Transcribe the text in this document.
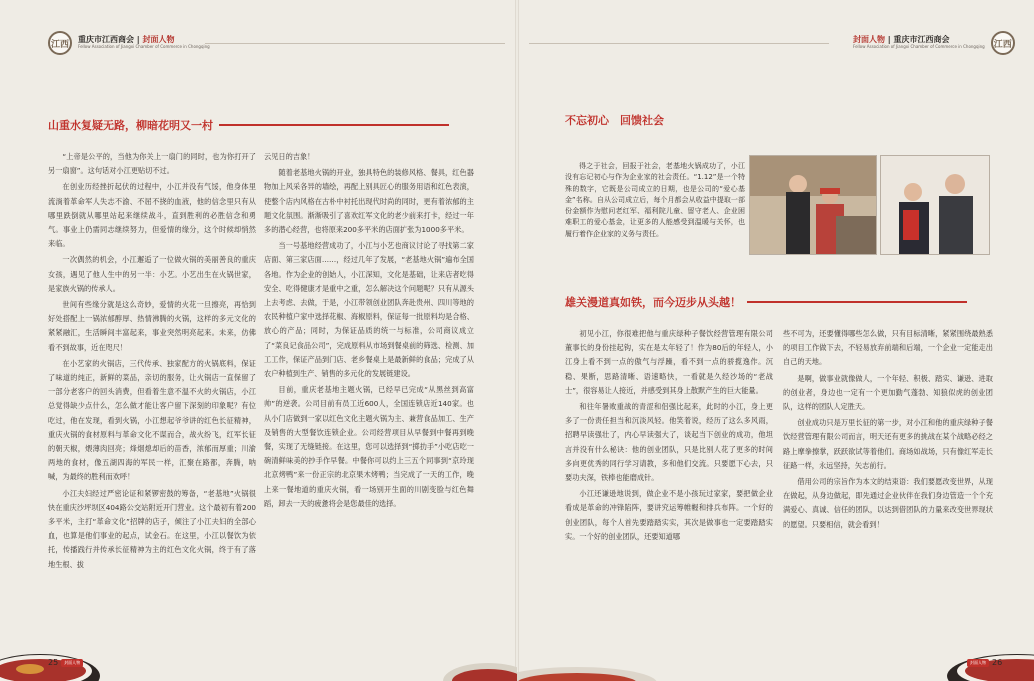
江西	重庆市江西商会 | 封面人物
Fellow Association of Jiangxi Chamber of Commerce in Chongqing
山重水复疑无路，柳暗花明又一村

“上帝是公平的，当他为你关上一扇门的同时，也为你打开了另一扇窗”。这句话对小江更贴切不过。

在创业历经挫折起伏的过程中，小江并没有气馁，他身体里流淌着革命军人失志不渝、不屈不挠的血液，他的信念里只有从哪里跌倒就从哪里站起来继续战斗，直到胜利的必胜信念和勇气。事业上仍需同志继续努力，但爱情的缘分，这个时候却悄然来临。

一次偶然的机会，小江邂逅了一位做火锅的美丽善良的重庆女孩，遇见了他人生中的另一半：小艺。小艺出生在火锅世家，是家族火锅的传承人。

世间有些缘分就是这么奇妙，爱情的火花一旦擦亮，再恰到好处搭配上一锅浓郁醇厚、热情沸腾的火锅，这样的多元文化的紧紧融汇，生活瞬间丰富起来，事业突然明亮起来。未来，仿佛看不到故事，近在咫尺！

在小艺家的火锅店，三代传承、独家配方的火锅底料，保证了味道的纯正，新鲜的菜品，亲切的服务，让火锅店一直保留了一部分老客户的回头消费，但看着生意不温不火的火锅店，小江总觉得缺少点什么，怎么做才能让客户留下深刻的印象呢？有位吃过，他在发现，看到火锅，小江想起爷爷讲的红色长征精神，重庆火锅的食材原料与革命文化不谋而合，战火纷飞，红军长征的朝天椒，煨薄肉回亮；烽烟熄却后的苗香，浓郁而厚重；川渝两地的食材，像五湖四海的军民一样，汇聚在路都，奔腾，呐喊，为最终的胜利而欢呼！

小江夫妇经过严密论证和紧锣密鼓的筹备，“老基地”火锅很快在重庆沙坪坝区404路公交站附近开门营业。这个最初有着200多平米，主打“革命文化”招牌的店子，倾注了小江夫妇的全部心血，也算是他们事业的起点，试金石。在这里，小江以餐饮为依托，传播践行并传承长征精神为主的红色文化火锅，终于有了落地生根、拔

云见日的吉象！

随着老基地火锅的开业，独具特色的装修风格、餐具，红色器物加上风采各异的墙绘，再配上别具匠心的服务用语和红色表演，使整个店内风格在古朴中衬托出现代时尚的同时，更有着浓郁的主题文化氛围。渐渐吸引了喜欢红军文化的老少前来打卡，经过一年多的潜心经营，也将原来200多平米的店面扩张为1000多平米。

当一号基地经营成功了，小江与小艺也商议讨论了寻找第二家店面、第三家店面……，经过几年了发展，“老基地火锅”遍布全国各地。作为企业的创始人，小江深知，文化是基础，让来店者吃得安全、吃得健康才是重中之重，怎么解决这个问题呢？只有从源头上去考虑、去做，于是，小江带领创业团队奔赴贵州、四川等地的农民种植户家中选择花椒、海椒原料，保证每一批原料均是合格、放心的产品；同时，为保证品质的统一与标准，公司商议成立了“菜良记食品公司”，完成原料从市场到餐桌前的筛选、检测、加工工作，保证产品到门店、老乡餐桌上是最新鲜的食品；完成了从农户种植到生产、销售的多元化的发展链建设。

目前，重庆老基地主题火锅，已经早已完成“从黑丝到高富帅”的逆袭。公司目前有员工近600人，全国连锁店近140家。也从小门店做到一家以红色文化主题火锅为主、兼营食品加工、生产及销售的大型餐饮连锁企业。公司经营项目从早餐到中餐再到晚餐，实现了无缝链接。在这里，您可以选择到“掷扐手”小吃店吃一碗清鲜味美的抄手作早餐。中餐你可以约上三五个同事到“京玲现北京烤鸭”来一份正宗的北京果木烤鸭；当完成了一天的工作，晚上来一餐地道的重庆火锅，看一场别开生面的川剧变脸与红色舞蹈，卸去一天的疲惫将会是您最佳的选择。

25	封面人物
封面人物 | 重庆市江西商会
Fellow Association of Jiangxi Chamber of Commerce in Chongqing 江西
不忘初心　回馈社会
得之于社会，回报于社会，老基地火锅成功了，小江没有忘记初心与作为企业家的社会责任。“1.12”是一个特殊的数字，它既是公司成立的日期，也是公司的“爱心基金”名称。自从公司成立后，每个月都会从收益中提取一部份金额作为慰问老红军、福利院儿童、留守老人、企业困难职工的爱心基金，让更多的人能感受到温暖与关怀，也履行着作企业家的义务与责任。
雄关漫道真如铁，而今迈步从头越！

初见小江，你很难把他与重庆绿种子餐饮经营管理有限公司董事长的身份挂起钩，实在是太年轻了！作为80后的年轻人，小江身上看不到一点的傲气与浮躁，看不到一点的骄揽逸作。沉稳、果断，思路清晰、语速略快，一看就是久经沙场的“老战士”，很容易让人接近，并感受到其身上散默产生的巨大能量。

和往年暑败重战的青涩和侣强比起来，此时的小江，身上更多了一份责任担当和沉淡风轻。他笑着说，经历了这么多风雨，招聘早读强壮了，内心早读强大了，谈起当下创业的成功，他坦言并没有什么秘诀：他的创业团队，只是比别人花了更多的时间多向更优秀的同行学习请教，多和他们交流。只要愿下心去，只要功夫深，铁棒也能磨成针。

小江还谦逊地说到，做企业不是小孩玩过家家，要把做企业看成是革命的冲锋陷阵，要讲究运筹帷幄和排兵布阵。一个好的创业团队，每个人首先要踏踏实实，其次是做事也一定要踏踏实实。一个好的创业团队，还要知道哪

些不可为，还要懂得哪些怎么做，只有目标清晰，紧紧围绕最熟悉的项目工作做下去，不轻易放弃前端和后端，一个企业一定能走出自己的天地。

是啊，做事业就像做人，一个年轻、积极、踏实、谦逊、进取的创业者，身边也一定有一个更加勤气蓬勃、知狼似虎的创业团队，这样的团队人定胜天。

创业成功只是万里长征的第一步，对小江和他的重庆绿种子餐饮经营管理有限公司而言，明天还有更多的挑战在某个战略必经之路上摩拳擦掌，跃跃欲试等着他们。商场如战场，只有像红军走长征路一样，永远坚持，矢志前行。

借用公司的宗旨作为本文的结束语：我们要愿改变世界，从现在做起，从身边做起，即先通过企业伙伴在我们身边管造一个个充满爱心、真诚、信任的团队，以达到借团队的力量来改变世界现状的愿望。只要相信，就会看到！

封面人物 26
